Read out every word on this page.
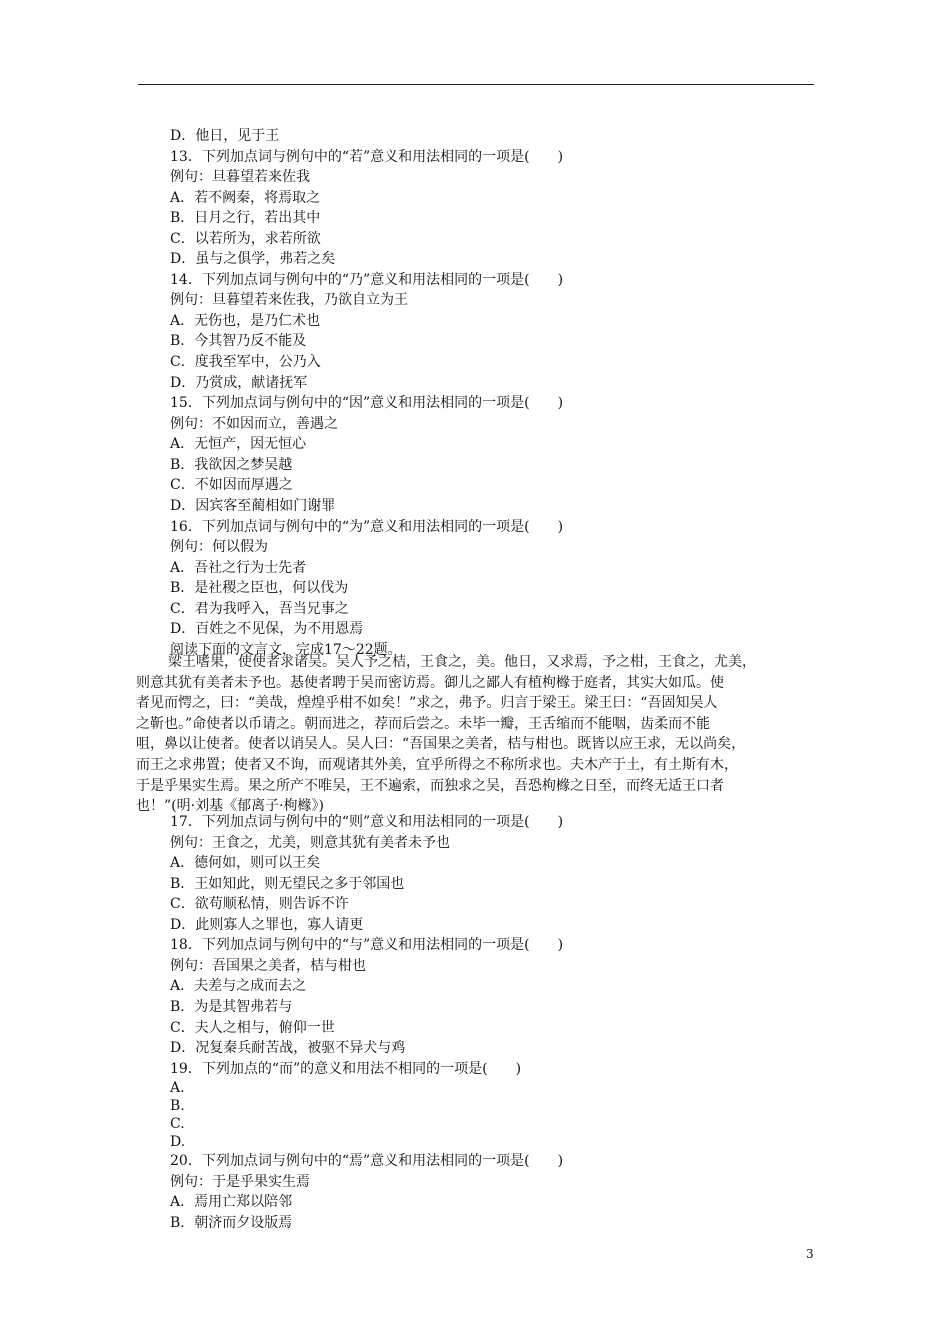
D．他日，见于王
13．下列加点词与例句中的“若”意义和用法相同的一项是(　　)
例句：旦暮望若来佐我
A．若不阙秦，将焉取之
B．日月之行，若出其中
C．以若所为，求若所欲
D．虽与之俱学，弗若之矣
14．下列加点词与例句中的“乃”意义和用法相同的一项是(　　)
例句：旦暮望若来佐我，乃欲自立为王
A．无伤也，是乃仁术也
B．今其智乃反不能及
C．度我至军中，公乃入
D．乃赏成，献诸抚军
15．下列加点词与例句中的“因”意义和用法相同的一项是(　　)
例句：不如因而立，善遇之
A．无恒产，因无恒心
B．我欲因之梦吴越
C．不如因而厚遇之
D．因宾客至蔺相如门谢罪
16．下列加点词与例句中的“为”意义和用法相同的一项是(　　)
例句：何以假为
A．吾社之行为士先者
B．是社稷之臣也，何以伐为
C．君为我呼入，吾当兄事之
D．百姓之不见保，为不用恩焉
阅读下面的文言文，完成17～22题。
梁王嗜果，使使者求诸吴。吴人予之桔，王食之，美。他日，又求焉，予之柑，王食之，尤美，
则意其犹有美者未予也。惎使者聘于吴而密访焉。御儿之鄙人有植枸橼于庭者，其实大如瓜。使
者见而愕之，曰：“美哉，煌煌乎柑不如矣！”求之，弗予。归言于梁王。梁王曰：“吾固知吴人
之靳也。”命使者以币请之。朝而进之，荐而后尝之。未毕一瓣，王舌缩而不能咽，齿柔而不能
咀，鼻以让使者。使者以诮吴人。吴人曰：“吾国果之美者，桔与柑也。既皆以应王求，无以尚矣，
而王之求弗置；使者又不询，而观诸其外美，宜乎所得之不称所求也。夫木产于土，有土斯有木，
于是乎果实生焉。果之所产不唯吴，王不遍索，而独求之吴，吾恐枸橼之日至，而终无适王口者
也！”(明·刘基《郁离子·枸橼》)
17．下列加点词与例句中的“则”意义和用法相同的一项是(　　)
例句：王食之，尤美，则意其犹有美者未予也
A．德何如，则可以王矣
B．王如知此，则无望民之多于邻国也
C．欲苟顺私情，则告诉不许
D．此则寡人之罪也，寡人请更
18．下列加点词与例句中的“与”意义和用法相同的一项是(　　)
例句：吾国果之美者，桔与柑也
A．夫差与之成而去之
B．为是其智弗若与
C．夫人之相与，俯仰一世
D．况复秦兵耐苦战，被驱不异犬与鸡
19．下列加点的“而”的意义和用法不相同的一项是(　　)
A.
B.
C.
D.
20．下列加点词与例句中的“焉”意义和用法相同的一项是(　　)
例句：于是乎果实生焉
A．焉用亡郑以陪邻
B．朝济而夕设版焉
3
